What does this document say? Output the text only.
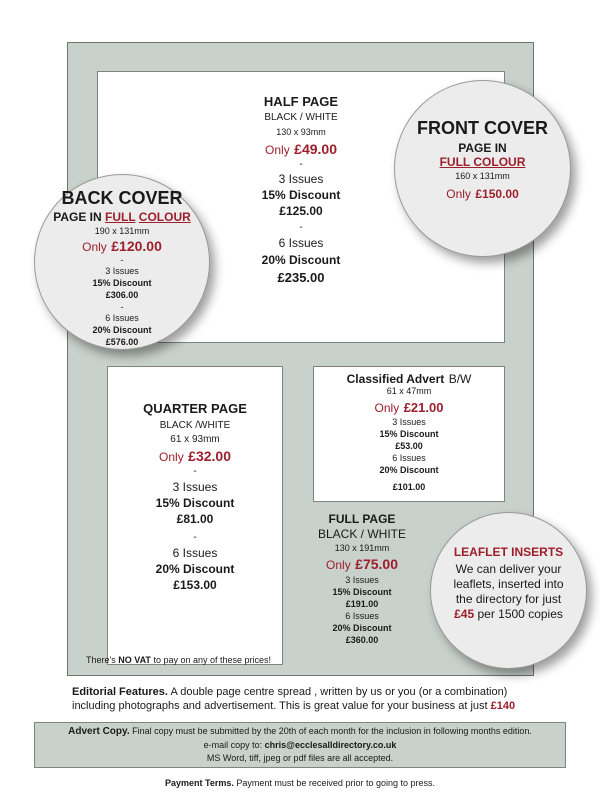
HALF PAGE
BLACK / WHITE
130 x 93mm
Only £49.00
-
3 Issues
15% Discount
£125.00
-
6 Issues
20% Discount
£235.00
FRONT COVER
PAGE IN
FULL COLOUR
160 x 131mm
Only £150.00
BACK COVER
PAGE IN FULL COLOUR
190 x 131mm
Only £120.00
-
3 Issues
15% Discount
£306.00
-
6 Issues
20% Discount
£576.00
QUARTER PAGE
BLACK /WHITE
61 x 93mm
Only £32.00
-
3 Issues
15% Discount
£81.00
-
6 Issues
20% Discount
£153.00
Classified Advert B/W
61 x 47mm
Only £21.00
3 Issues
15% Discount
£53.00
6 Issues
20% Discount
£101.00
FULL PAGE
BLACK / WHITE
130 x 191mm
Only £75.00
3 Issues
15% Discount
£191.00
6 Issues
20% Discount
£360.00
LEAFLET INSERTS
We can deliver your
leaflets, inserted into
the directory for just
£45 per 1500 copies
There's NO VAT to pay on any of these prices!
Editorial Features. A double page centre spread , written by us or you (or a combination) including photographs and advertisement. This is great value for your business at just £140
Advert Copy. Final copy must be submitted by the 20th of each month for the inclusion in following months edition.
e-mail copy to: chris@ecclesalldirectory.co.uk
MS Word, tiff, jpeg or pdf files are all accepted.
Payment Terms. Payment must be received prior to going to press.
